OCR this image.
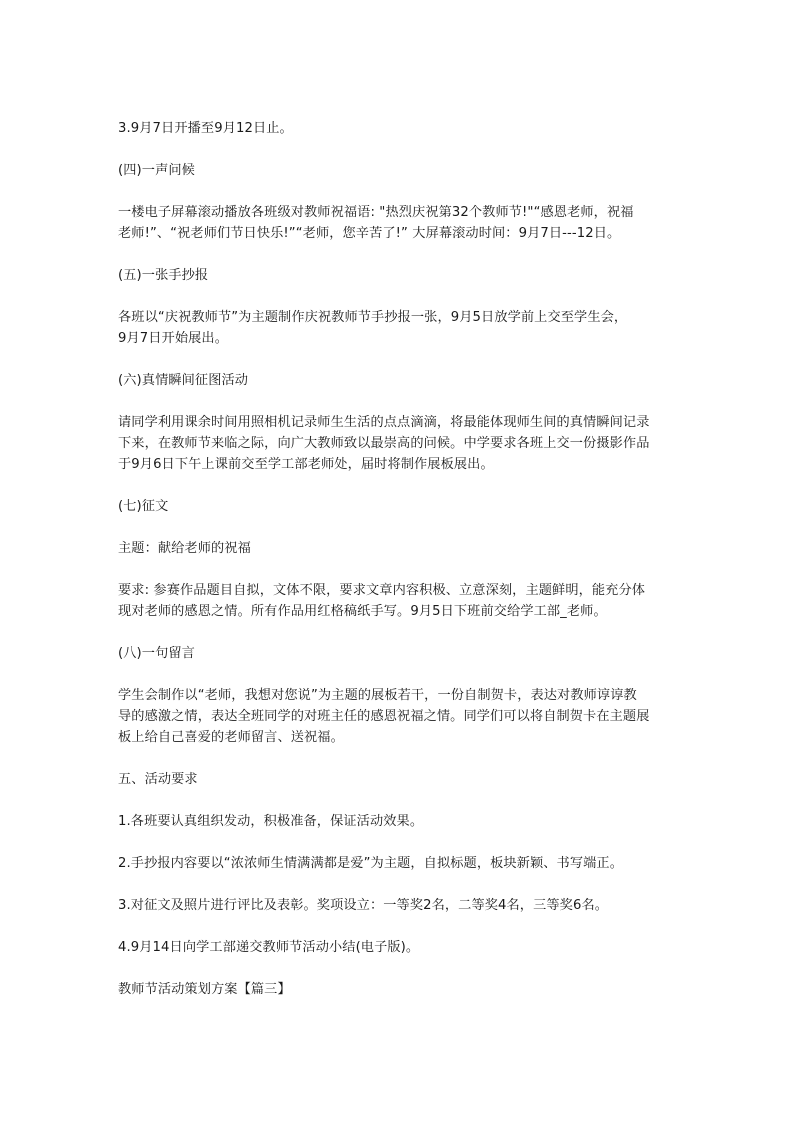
3.9月7日开播至9月12日止。

(四)一声问候

一楼电子屏幕滚动播放各班级对教师祝福语: "热烈庆祝第32个教师节!"“感恩老师，祝福
老师!”、“祝老师们节日快乐!”“老师，您辛苦了!” 大屏幕滚动时间：9月7日---12日。

(五)一张手抄报

各班以“庆祝教师节”为主题制作庆祝教师节手抄报一张，9月5日放学前上交至学生会，
9月7日开始展出。

(六)真情瞬间征图活动

请同学利用课余时间用照相机记录师生生活的点点滴滴，将最能体现师生间的真情瞬间记录
下来，在教师节来临之际，向广大教师致以最崇高的问候。中学要求各班上交一份摄影作品
于9月6日下午上课前交至学工部老师处，届时将制作展板展出。

(七)征文

主题：献给老师的祝福

要求: 参赛作品题目自拟，文体不限，要求文章内容积极、立意深刻，主题鲜明，能充分体
现对老师的感恩之情。所有作品用红格稿纸手写。9月5日下班前交给学工部_老师。

(八)一句留言

学生会制作以“老师，我想对您说”为主题的展板若干，一份自制贺卡，表达对教师谆谆教
导的感激之情，表达全班同学的对班主任的感恩祝福之情。同学们可以将自制贺卡在主题展
板上给自己喜爱的老师留言、送祝福。

五、活动要求

1.各班要认真组织发动，积极准备，保证活动效果。

2.手抄报内容要以“浓浓师生情满满都是爱”为主题，自拟标题，板块新颖、书写端正。

3.对征文及照片进行评比及表彰。奖项设立：一等奖2名，二等奖4名，三等奖6名。

4.9月14日向学工部递交教师节活动小结(电子版)。

教师节活动策划方案【篇三】
